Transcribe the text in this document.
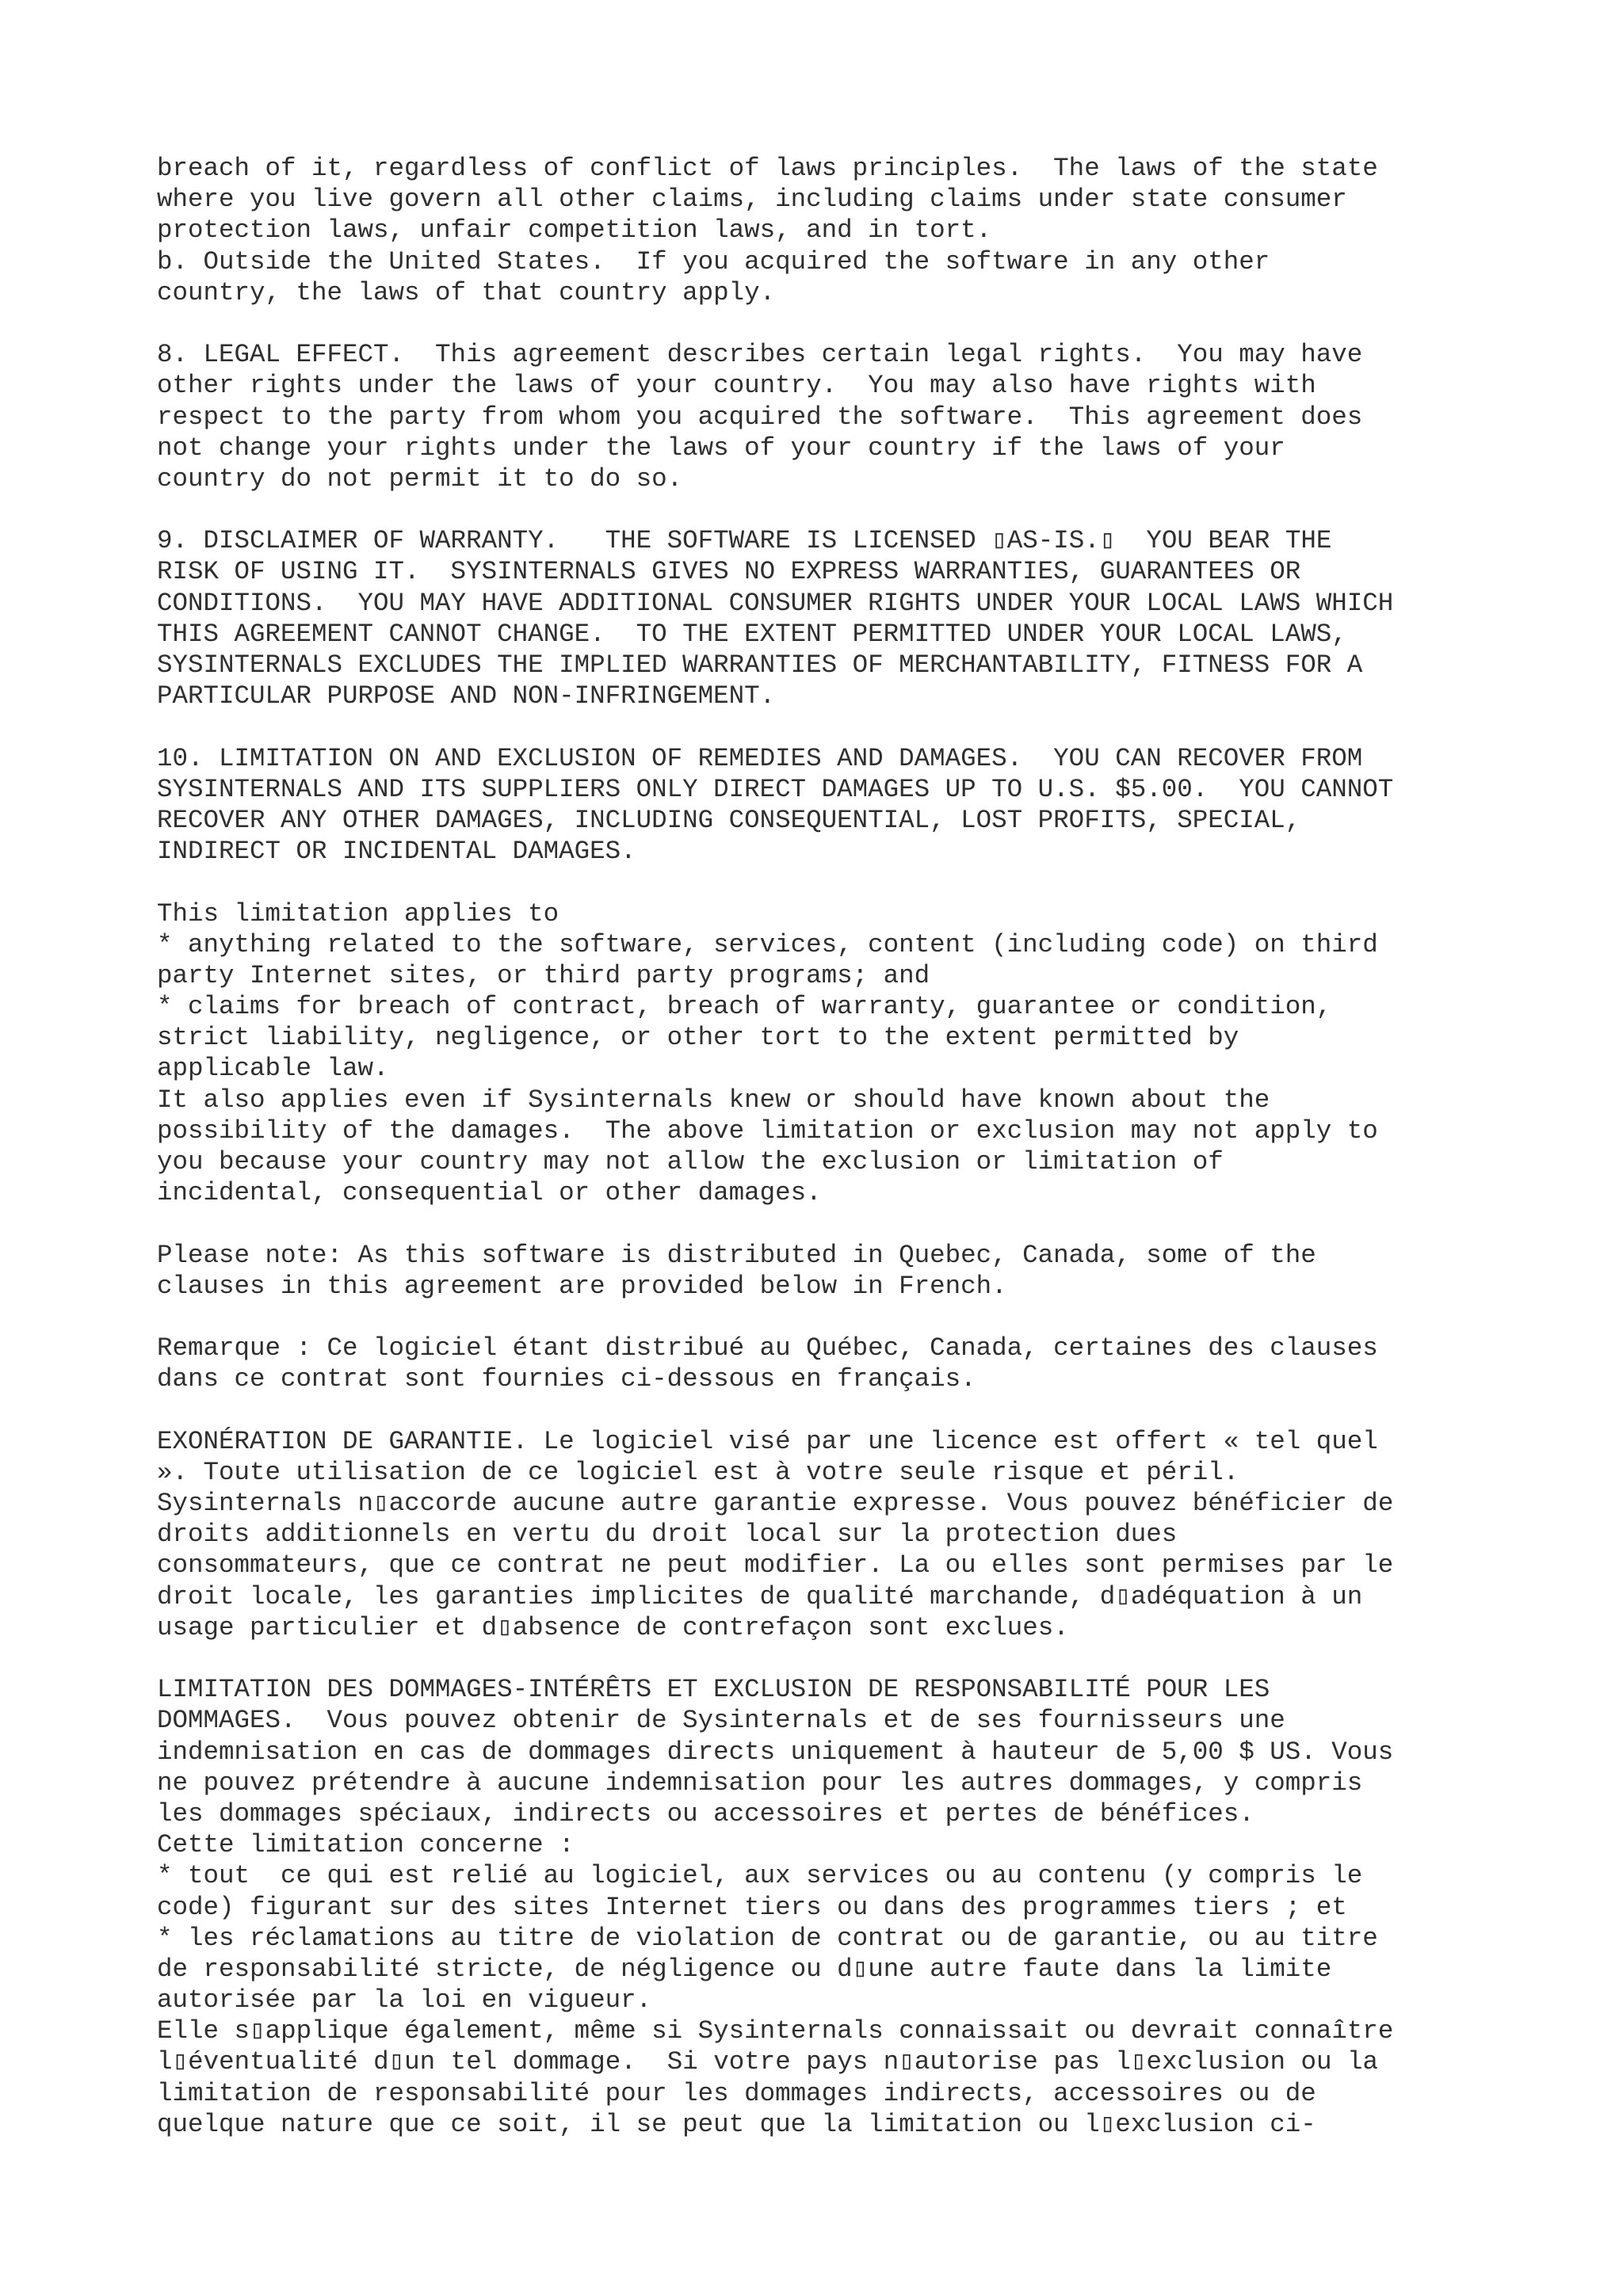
breach of it, regardless of conflict of laws principles.  The laws of the state
where you live govern all other claims, including claims under state consumer
protection laws, unfair competition laws, and in tort.
b. Outside the United States.  If you acquired the software in any other
country, the laws of that country apply.
8. LEGAL EFFECT.  This agreement describes certain legal rights.  You may have
other rights under the laws of your country.  You may also have rights with
respect to the party from whom you acquired the software.  This agreement does
not change your rights under the laws of your country if the laws of your
country do not permit it to do so.
9. DISCLAIMER OF WARRANTY.   THE SOFTWARE IS LICENSED ▯AS-IS.▯  YOU BEAR THE
RISK OF USING IT.  SYSINTERNALS GIVES NO EXPRESS WARRANTIES, GUARANTEES OR
CONDITIONS.  YOU MAY HAVE ADDITIONAL CONSUMER RIGHTS UNDER YOUR LOCAL LAWS WHICH
THIS AGREEMENT CANNOT CHANGE.  TO THE EXTENT PERMITTED UNDER YOUR LOCAL LAWS,
SYSINTERNALS EXCLUDES THE IMPLIED WARRANTIES OF MERCHANTABILITY, FITNESS FOR A
PARTICULAR PURPOSE AND NON-INFRINGEMENT.
10. LIMITATION ON AND EXCLUSION OF REMEDIES AND DAMAGES.  YOU CAN RECOVER FROM
SYSINTERNALS AND ITS SUPPLIERS ONLY DIRECT DAMAGES UP TO U.S. $5.00.  YOU CANNOT
RECOVER ANY OTHER DAMAGES, INCLUDING CONSEQUENTIAL, LOST PROFITS, SPECIAL,
INDIRECT OR INCIDENTAL DAMAGES.
This limitation applies to
* anything related to the software, services, content (including code) on third
party Internet sites, or third party programs; and
* claims for breach of contract, breach of warranty, guarantee or condition,
strict liability, negligence, or other tort to the extent permitted by
applicable law.
It also applies even if Sysinternals knew or should have known about the
possibility of the damages.  The above limitation or exclusion may not apply to
you because your country may not allow the exclusion or limitation of
incidental, consequential or other damages.
Please note: As this software is distributed in Quebec, Canada, some of the
clauses in this agreement are provided below in French.
Remarque : Ce logiciel étant distribué au Québec, Canada, certaines des clauses
dans ce contrat sont fournies ci-dessous en français.
EXONÉRATION DE GARANTIE. Le logiciel visé par une licence est offert « tel quel
». Toute utilisation de ce logiciel est à votre seule risque et péril.
Sysinternals n▯accorde aucune autre garantie expresse. Vous pouvez bénéficier de
droits additionnels en vertu du droit local sur la protection dues
consommateurs, que ce contrat ne peut modifier. La ou elles sont permises par le
droit locale, les garanties implicites de qualité marchande, d▯adéquation à un
usage particulier et d▯absence de contrefaçon sont exclues.
LIMITATION DES DOMMAGES-INTÉRÊTS ET EXCLUSION DE RESPONSABILITÉ POUR LES
DOMMAGES.  Vous pouvez obtenir de Sysinternals et de ses fournisseurs une
indemnisation en cas de dommages directs uniquement à hauteur de 5,00 $ US. Vous
ne pouvez prétendre à aucune indemnisation pour les autres dommages, y compris
les dommages spéciaux, indirects ou accessoires et pertes de bénéfices.
Cette limitation concerne :
* tout  ce qui est relié au logiciel, aux services ou au contenu (y compris le
code) figurant sur des sites Internet tiers ou dans des programmes tiers ; et
* les réclamations au titre de violation de contrat ou de garantie, ou au titre
de responsabilité stricte, de négligence ou d▯une autre faute dans la limite
autorisée par la loi en vigueur.
Elle s▯applique également, même si Sysinternals connaissait ou devrait connaître
l▯éventualité d▯un tel dommage.  Si votre pays n▯autorise pas l▯exclusion ou la
limitation de responsabilité pour les dommages indirects, accessoires ou de
quelque nature que ce soit, il se peut que la limitation ou l▯exclusion ci-
